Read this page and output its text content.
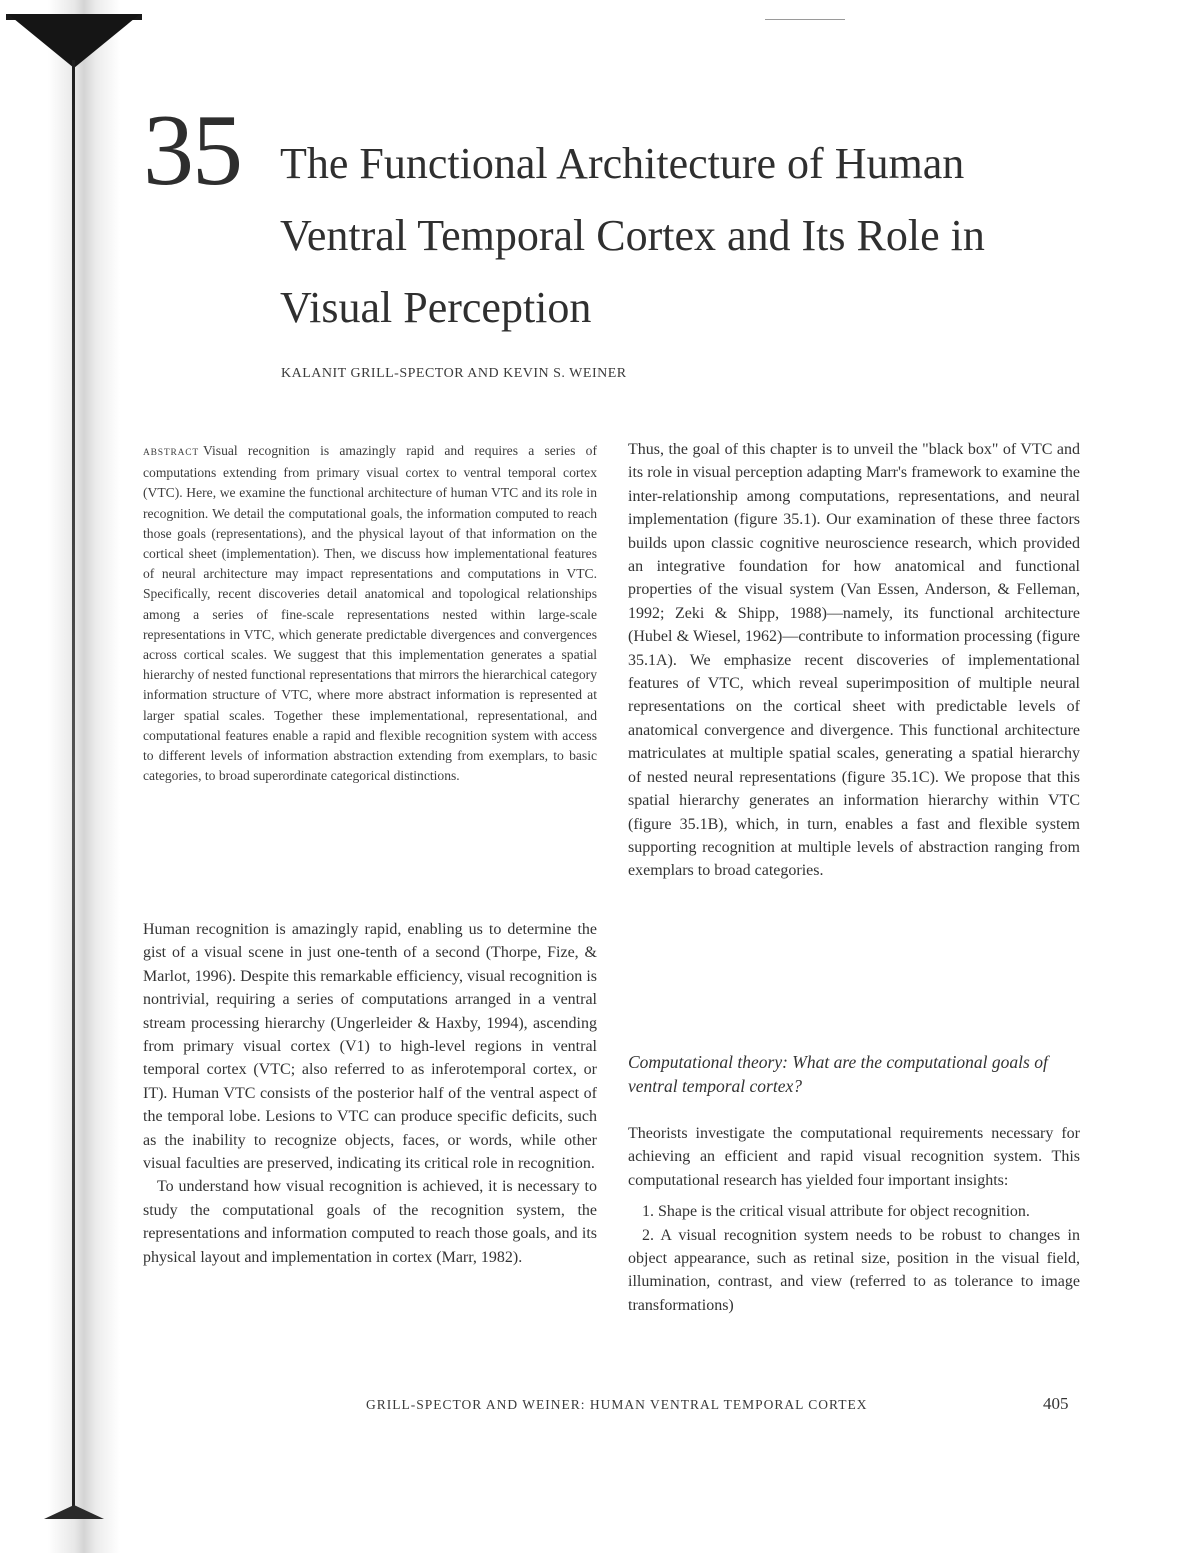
35 The Functional Architecture of Human Ventral Temporal Cortex and Its Role in Visual Perception
KALANIT GRILL-SPECTOR AND KEVIN S. WEINER
ABSTRACT Visual recognition is amazingly rapid and requires a series of computations extending from primary visual cortex to ventral temporal cortex (VTC). Here, we examine the functional architecture of human VTC and its role in recognition. We detail the computational goals, the information computed to reach those goals (representations), and the physical layout of that information on the cortical sheet (implementation). Then, we discuss how implementational features of neural architecture may impact representations and computations in VTC. Specifically, recent discoveries detail anatomical and topological relationships among a series of fine-scale representations nested within large-scale representations in VTC, which generate predictable divergences and convergences across cortical scales. We suggest that this implementation generates a spatial hierarchy of nested functional representations that mirrors the hierarchical category information structure of VTC, where more abstract information is represented at larger spatial scales. Together these implementational, representational, and computational features enable a rapid and flexible recognition system with access to different levels of information abstraction extending from exemplars, to basic categories, to broad superordinate categorical distinctions.

Human recognition is amazingly rapid, enabling us to determine the gist of a visual scene in just one-tenth of a second (Thorpe, Fize, & Marlot, 1996). Despite this remarkable efficiency, visual recognition is nontrivial, requiring a series of computations arranged in a ventral stream processing hierarchy (Ungerleider & Haxby, 1994), ascending from primary visual cortex (V1) to high-level regions in ventral temporal cortex (VTC; also referred to as inferotemporal cortex, or IT). Human VTC consists of the posterior half of the ventral aspect of the temporal lobe. Lesions to VTC can produce specific deficits, such as the inability to recognize objects, faces, or words, while other visual faculties are preserved, indicating its critical role in recognition.

To understand how visual recognition is achieved, it is necessary to study the computational goals of the recognition system, the representations and information computed to reach those goals, and its physical layout and implementation in cortex (Marr, 1982).

Thus, the goal of this chapter is to unveil the "black box" of VTC and its role in visual perception adapting Marr's framework to examine the inter-relationship among computations, representations, and neural implementation (figure 35.1). Our examination of these three factors builds upon classic cognitive neuroscience research, which provided an integrative foundation for how anatomical and functional properties of the visual system (Van Essen, Anderson, & Felleman, 1992; Zeki & Shipp, 1988)—namely, its functional architecture (Hubel & Wiesel, 1962)—contribute to information processing (figure 35.1A). We emphasize recent discoveries of implementational features of VTC, which reveal superimposition of multiple neural representations on the cortical sheet with predictable levels of anatomical convergence and divergence. This functional architecture matriculates at multiple spatial scales, generating a spatial hierarchy of nested neural representations (figure 35.1C). We propose that this spatial hierarchy generates an information hierarchy within VTC (figure 35.1B), which, in turn, enables a fast and flexible system supporting recognition at multiple levels of abstraction ranging from exemplars to broad categories.

Computational theory: What are the computational goals of ventral temporal cortex?

Theorists investigate the computational requirements necessary for achieving an efficient and rapid visual recognition system. This computational research has yielded four important insights:

1. Shape is the critical visual attribute for object recognition.

2. A visual recognition system needs to be robust to changes in object appearance, such as retinal size, position in the visual field, illumination, contrast, and view (referred to as tolerance to image transformations)

GRILL-SPECTOR AND WEINER: HUMAN VENTRAL TEMPORAL CORTEX	405
